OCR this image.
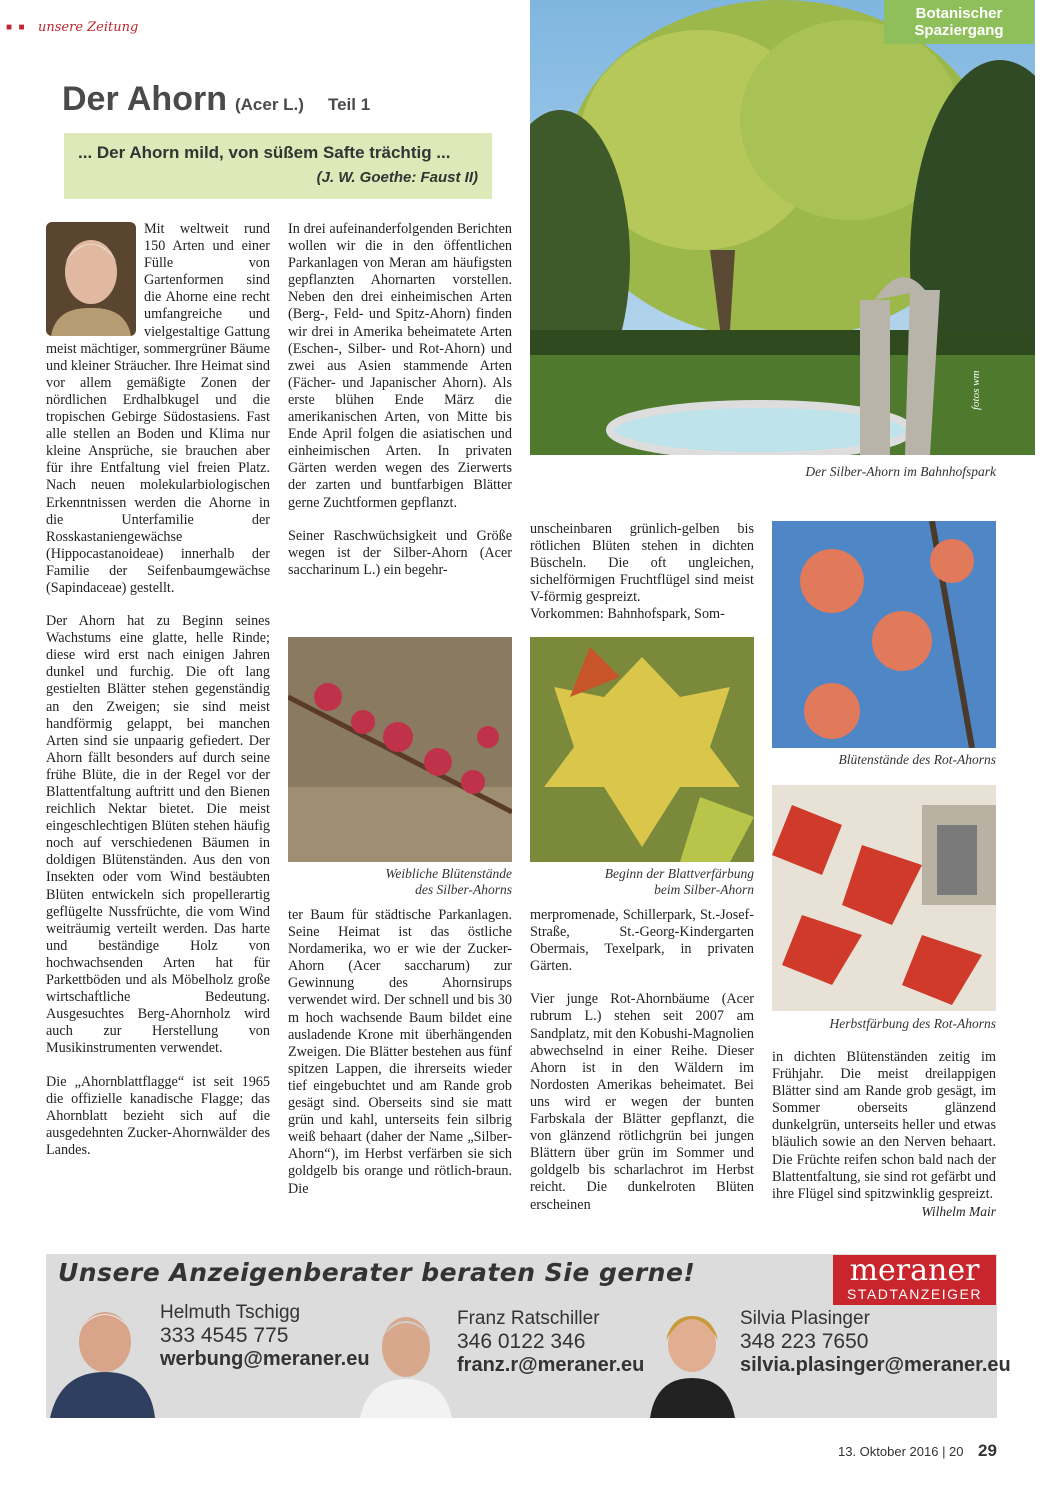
■ ■ unsere Zeitung
Der Ahorn (Acer L.) Teil 1
... Der Ahorn mild, von süßem Safte trächtig ...
(J. W. Goethe: Faust II)
fotos wm
Botanischer
Spaziergang
Der Silber-Ahorn im Bahnhofspark

Mit weltweit rund 150 Arten und einer Fülle von Gartenformen sind die Ahorne eine recht umfangreiche und vielgestaltige Gattung meist mächtiger, sommergrüner Bäume und kleiner Sträucher. Ihre Heimat sind vor allem gemäßigte Zonen der nördlichen Erdhalbkugel und die tropischen Gebirge Südostasiens. Fast alle stellen an Boden und Klima nur kleine Ansprüche, sie brauchen aber für ihre Entfaltung viel freien Platz. Nach neuen molekularbiologischen Erkenntnissen werden die Ahorne in die Unterfamilie der Rosskastaniengewächse (Hippocastanoideae) innerhalb der Familie der Seifenbaumgewächse (Sapindaceae) gestellt.

Der Ahorn hat zu Beginn seines Wachstums eine glatte, helle Rinde; diese wird erst nach einigen Jahren dunkel und furchig. Die oft lang gestielten Blätter stehen gegenständig an den Zweigen; sie sind meist handförmig gelappt, bei manchen Arten sind sie unpaarig gefiedert. Der Ahorn fällt besonders auf durch seine frühe Blüte, die in der Regel vor der Blattentfaltung auftritt und den Bienen reichlich Nektar bietet. Die meist eingeschlechtigen Blüten stehen häufig noch auf verschiedenen Bäumen in doldigen Blütenständen. Aus den von Insekten oder vom Wind bestäubten Blüten entwickeln sich propellerartig geflügelte Nussfrüchte, die vom Wind weiträumig verteilt werden. Das harte und beständige Holz von hochwachsenden Arten hat für Parkettböden und als Möbelholz große wirtschaftliche Bedeutung. Ausgesuchtes Berg-Ahornholz wird auch zur Herstellung von Musikinstrumenten verwendet.

Die „Ahornblattflagge“ ist seit 1965 die offizielle kanadische Flagge; das Ahornblatt bezieht sich auf die ausgedehnten Zucker-Ahornwälder des Landes.

In drei aufeinanderfolgenden Berichten wollen wir die in den öffentlichen Parkanlagen von Meran am häufigsten gepflanzten Ahornarten vorstellen. Neben den drei einheimischen Arten (Berg-, Feld- und Spitz-Ahorn) finden wir drei in Amerika beheimatete Arten (Eschen-, Silber- und Rot-Ahorn) und zwei aus Asien stammende Arten (Fächer- und Japanischer Ahorn). Als erste blühen Ende März die amerikanischen Arten, von Mitte bis Ende April folgen die asiatischen und einheimischen Arten. In privaten Gärten werden wegen des Zierwerts der zarten und buntfarbigen Blätter gerne Zuchtformen gepflanzt.

Seiner Raschwüchsigkeit und Größe wegen ist der Silber-Ahorn (Acer saccharinum L.) ein begehr-

Weibliche Blütenstände
des Silber-Ahorns

ter Baum für städtische Parkanlagen. Seine Heimat ist das östliche Nordamerika, wo er wie der Zucker-Ahorn (Acer saccharum) zur Gewinnung des Ahornsirups verwendet wird. Der schnell und bis 30 m hoch wachsende Baum bildet eine ausladende Krone mit überhängenden Zweigen. Die Blätter bestehen aus fünf spitzen Lappen, die ihrerseits wieder tief eingebuchtet und am Rande grob gesägt sind. Oberseits sind sie matt grün und kahl, unterseits fein silbrig weiß behaart (daher der Name „Silber-Ahorn“), im Herbst verfärben sie sich goldgelb bis orange und rötlich-braun. Die

unscheinbaren grünlich-gelben bis rötlichen Blüten stehen in dichten Büscheln. Die oft ungleichen, sichelförmigen Fruchtflügel sind meist V-förmig gespreizt.

Vorkommen: Bahnhofspark, Som-

Beginn der Blattverfärbung
beim Silber-Ahorn

merpromenade, Schillerpark, St.-Josef-Straße, St.-Georg-Kindergarten Obermais, Texelpark, in privaten Gärten.

Vier junge Rot-Ahornbäume (Acer rubrum L.) stehen seit 2007 am Sandplatz, mit den Kobushi-Magnolien abwechselnd in einer Reihe. Dieser Ahorn ist in den Wäldern im Nordosten Amerikas beheimatet. Bei uns wird er wegen der bunten Farbskala der Blätter gepflanzt, die von glänzend rötlichgrün bei jungen Blättern über grün im Sommer und goldgelb bis scharlachrot im Herbst reicht. Die dunkelroten Blüten erscheinen

Blütenstände des Rot-Ahorns
Herbstfärbung des Rot-Ahorns

in dichten Blütenständen zeitig im Frühjahr. Die meist dreilappigen Blätter sind am Rande grob gesägt, im Sommer oberseits glänzend dunkelgrün, unterseits heller und etwas bläulich sowie an den Nerven behaart. Die Früchte reifen schon bald nach der Blattentfaltung, sie sind rot gefärbt und ihre Flügel sind spitzwinklig gespreizt.

Wilhelm Mair
Unsere Anzeigenberater beraten Sie gerne!	meraner
STADTANZEIGER
Helmuth Tschigg
333 4545 775
werbung@meraner.eu
Franz Ratschiller
346 0122 346
franz.r@meraner.eu
Silvia Plasinger
348 223 7650
silvia.plasinger@meraner.eu
13. Oktober 2016 | 20 29
